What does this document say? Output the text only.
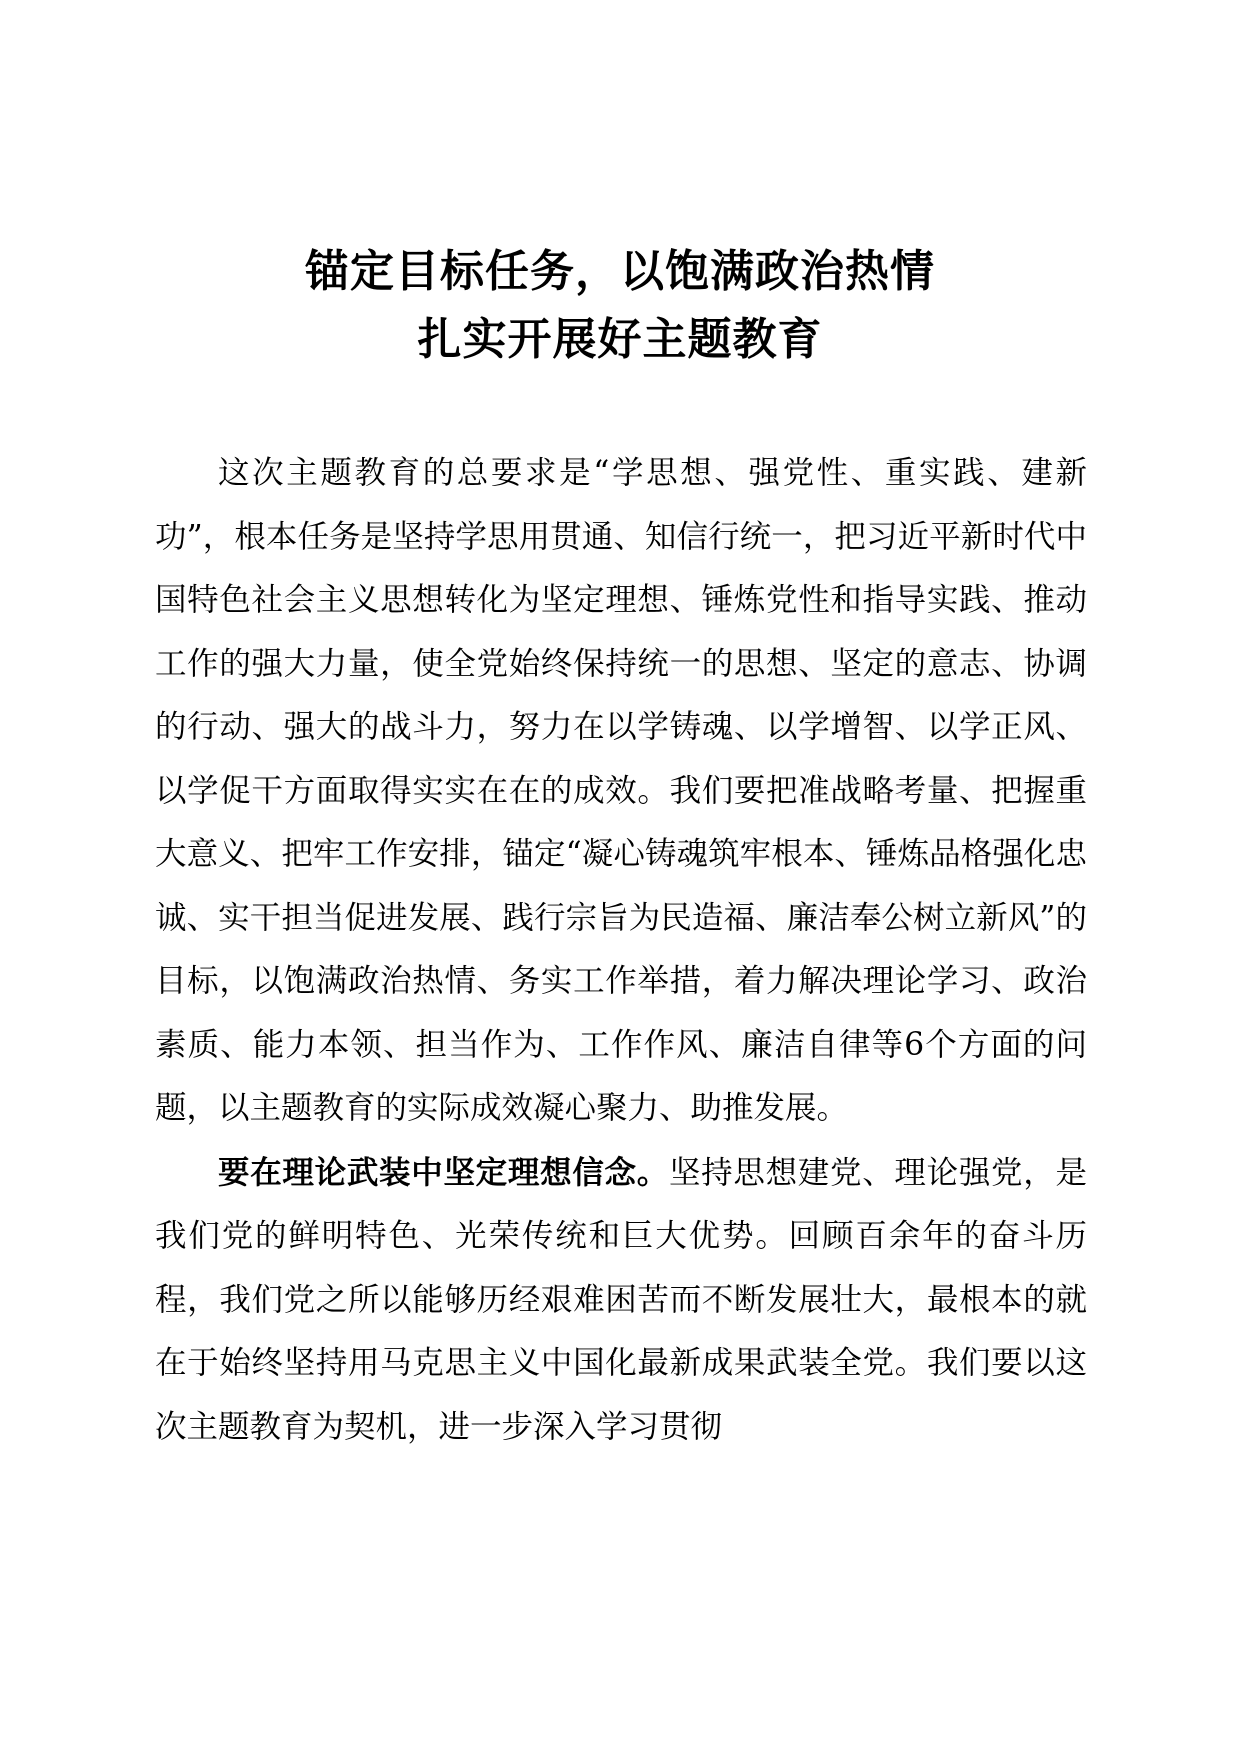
锚定目标任务，以饱满政治热情
扎实开展好主题教育

这次主题教育的总要求是“学思想、强党性、重实践、建新功”，根本任务是坚持学思用贯通、知信行统一，把习近平新时代中国特色社会主义思想转化为坚定理想、锤炼党性和指导实践、推动工作的强大力量，使全党始终保持统一的思想、坚定的意志、协调的行动、强大的战斗力，努力在以学铸魂、以学增智、以学正风、以学促干方面取得实实在在的成效。我们要把准战略考量、把握重大意义、把牢工作安排，锚定“凝心铸魂筑牢根本、锤炼品格强化忠诚、实干担当促进发展、践行宗旨为民造福、廉洁奉公树立新风”的目标，以饱满政治热情、务实工作举措，着力解决理论学习、政治素质、能力本领、担当作为、工作作风、廉洁自律等6个方面的问题，以主题教育的实际成效凝心聚力、助推发展。

要在理论武装中坚定理想信念。坚持思想建党、理论强党，是我们党的鲜明特色、光荣传统和巨大优势。回顾百余年的奋斗历程，我们党之所以能够历经艰难困苦而不断发展壮大，最根本的就在于始终坚持用马克思主义中国化最新成果武装全党。我们要以这次主题教育为契机，进一步深入学习贯彻
